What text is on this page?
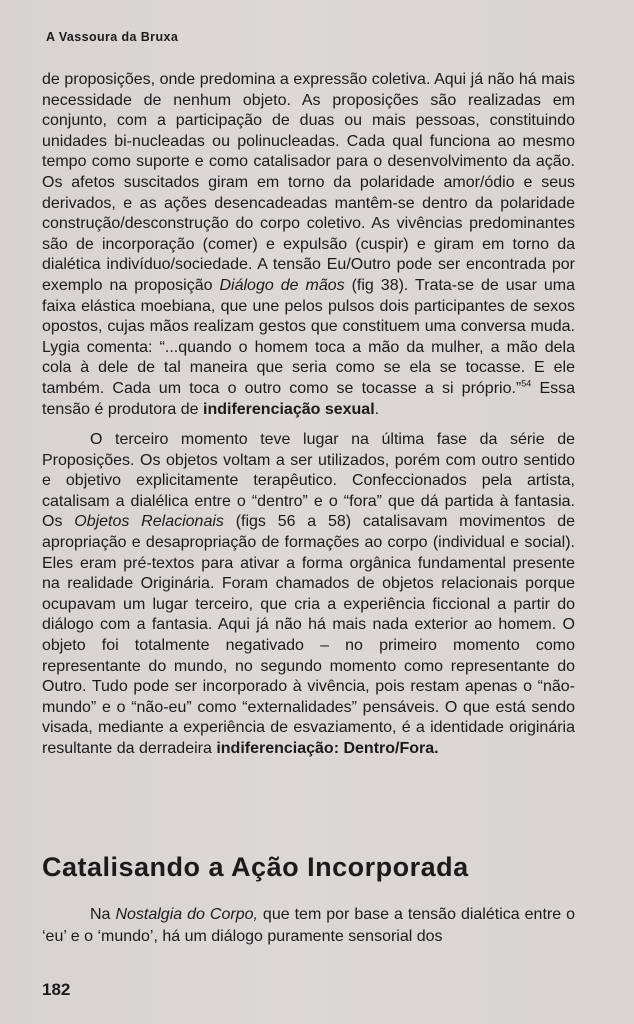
A Vassoura da Bruxa

de proposições, onde predomina a expressão coletiva. Aqui já não há mais necessidade de nenhum objeto. As proposições são realizadas em conjunto, com a participação de duas ou mais pessoas, constituindo unidades bi-nucleadas ou polinucleadas. Cada qual funciona ao mesmo tempo como suporte e como catalisador para o desenvolvimento da ação. Os afetos suscitados giram em torno da polaridade amor/ódio e seus derivados, e as ações desencadeadas mantêm-se dentro da polaridade construção/desconstrução do corpo coletivo. As vivências predominantes são de incorporação (comer) e expulsão (cuspir) e giram em torno da dialética indivíduo/sociedade. A tensão Eu/Outro pode ser encontrada por exemplo na proposição Diálogo de mãos (fig 38). Trata-se de usar uma faixa elástica moebiana, que une pelos pulsos dois participantes de sexos opostos, cujas mãos realizam gestos que constituem uma conversa muda. Lygia comenta: “...quando o homem toca a mão da mulher, a mão dela cola à dele de tal maneira que seria como se ela se tocasse. E ele também. Cada um toca o outro como se tocasse a si próprio.”$^{54}$ Essa tensão é produtora de indiferenciação sexual.

O terceiro momento teve lugar na última fase da série de Proposições. Os objetos voltam a ser utilizados, porém com outro sentido e objetivo explicitamente terapêutico. Confeccionados pela artista, catalisam a dialélica entre o “dentro” e o “fora” que dá partida à fantasia. Os Objetos Relacionais (figs 56 a 58) catalisavam movimentos de apropriação e desapropriação de formações ao corpo (individual e social). Eles eram pré-textos para ativar a forma orgânica fundamental presente na realidade Originária. Foram chamados de objetos relacionais porque ocupavam um lugar terceiro, que cria a experiência ficcional a partir do diálogo com a fantasia. Aqui já não há mais nada exterior ao homem. O objeto foi totalmente negativado – no primeiro momento como representante do mundo, no segundo momento como representante do Outro. Tudo pode ser incorporado à vivência, pois restam apenas o “não-mundo” e o “não-eu” como “externalidades” pensáveis. O que está sendo visada, mediante a experiência de esvaziamento, é a identidade originária resultante da derradeira indiferenciação: Dentro/Fora.

Catalisando a Ação Incorporada

Na Nostalgia do Corpo, que tem por base a tensão dialética entre o ‘eu’ e o ‘mundo’, há um diálogo puramente sensorial dos

182
